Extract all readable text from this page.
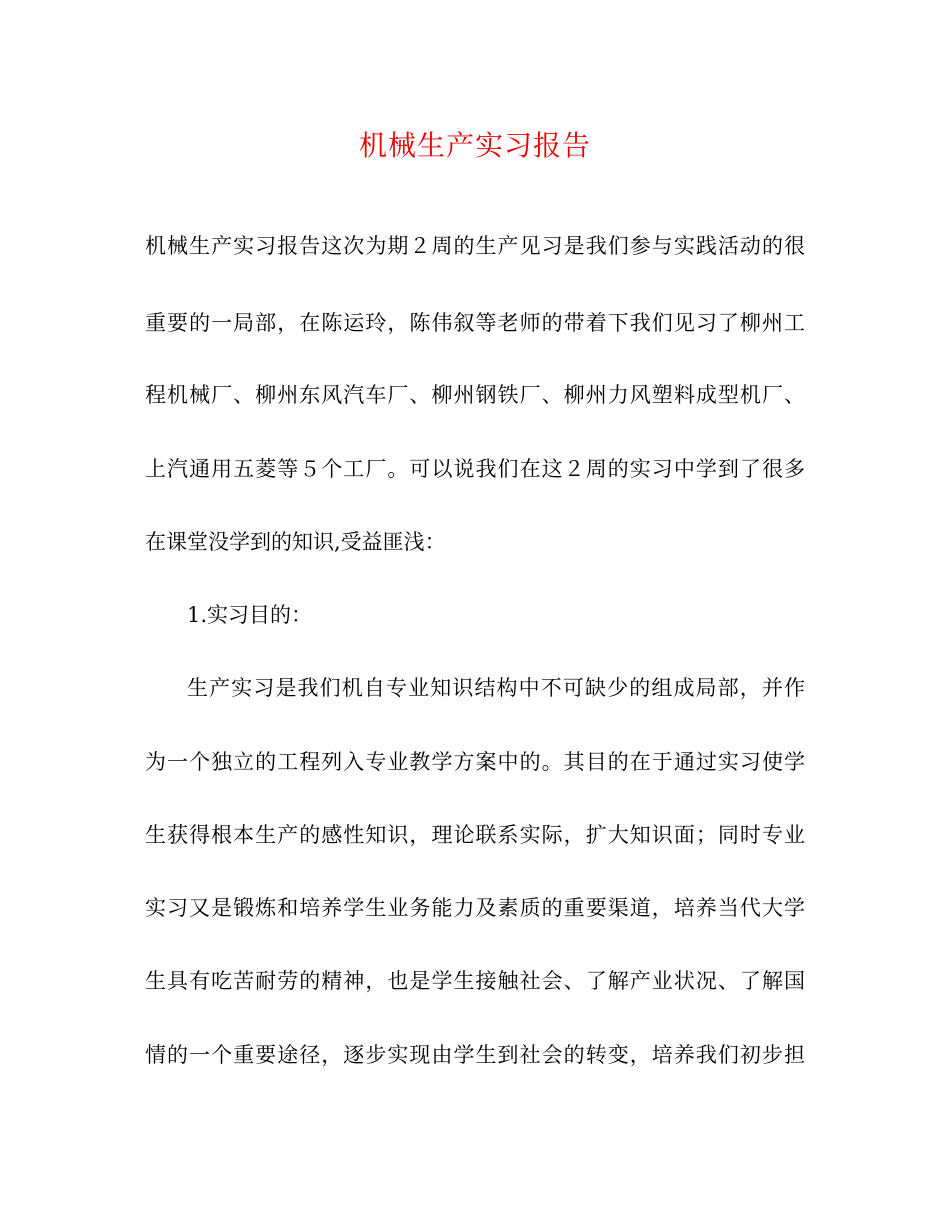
机械生产实习报告

机械生产实习报告这次为期２周的生产见习是我们参与实践活动的很

重要的一局部，在陈运玲，陈伟叙等老师的带着下我们见习了柳州工

程机械厂、柳州东风汽车厂、柳州钢铁厂、柳州力风塑料成型机厂、

上汽通用五菱等５个工厂。可以说我们在这２周的实习中学到了很多

在课堂没学到的知识,受益匪浅：

1.实习目的：

生产实习是我们机自专业知识结构中不可缺少的组成局部，并作

为一个独立的工程列入专业教学方案中的。其目的在于通过实习使学

生获得根本生产的感性知识，理论联系实际，扩大知识面；同时专业

实习又是锻炼和培养学生业务能力及素质的重要渠道，培养当代大学

生具有吃苦耐劳的精神，也是学生接触社会、了解产业状况、了解国

情的一个重要途径，逐步实现由学生到社会的转变，培养我们初步担
